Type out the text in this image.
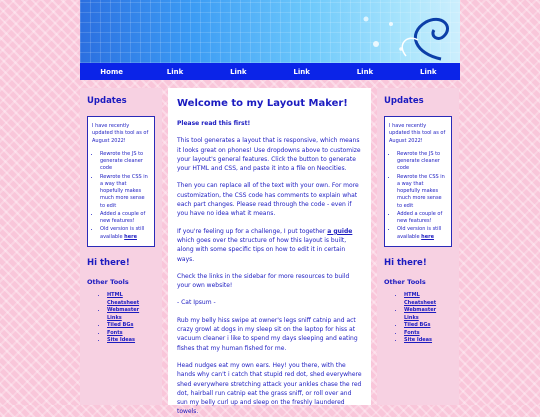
Home	Link	Link	Link	Link	Link
Updates
I have recently updated this tool as of August 2022!
• Rewrote the JS to generate cleaner code
• Rewrote the CSS in a way that hopefully makes much more sense to edit
• Added a couple of new features!
• Old version is still available here
Hi there!
Other Tools
• HTML Cheatsheet
• Webmaster Links
• Tiled BGs
• Fonts
• Site Ideas
Welcome to my Layout Maker!

Please read this first!

This tool generates a layout that is responsive, which means it looks great on phones! Use dropdowns above to customize your layout's general features. Click the button to generate your HTML and CSS, and paste it into a file on Neocities.

Then you can replace all of the text with your own. For more customization, the CSS code has comments to explain what each part changes. Please read through the code - even if you have no idea what it means.

If you're feeling up for a challenge, I put together a guide which goes over the structure of how this layout is built, along with some specific tips on how to edit it in certain ways.

Check the links in the sidebar for more resources to build your own website!

- Cat Ipsum -

Rub my belly hiss swipe at owner's legs sniff catnip and act crazy growl at dogs in my sleep sit on the laptop for hiss at vacuum cleaner i like to spend my days sleeping and eating fishes that my human fished for me.

Head nudges eat my own ears. Hey! you there, with the hands why can't i catch that stupid red dot, shed everywhere shed everywhere stretching attack your ankles chase the red dot, hairball run catnip eat the grass sniff, or roll over and sun my belly curl up and sleep on the freshly laundered towels.

Updates
I have recently updated this tool as of August 2022!
• Rewrote the JS to generate cleaner code
• Rewrote the CSS in a way that hopefully makes much more sense to edit
• Added a couple of new features!
• Old version is still available here
Hi there!
Other Tools
• HTML Cheatsheet
• Webmaster Links
• Tiled BGs
• Fonts
• Site Ideas
